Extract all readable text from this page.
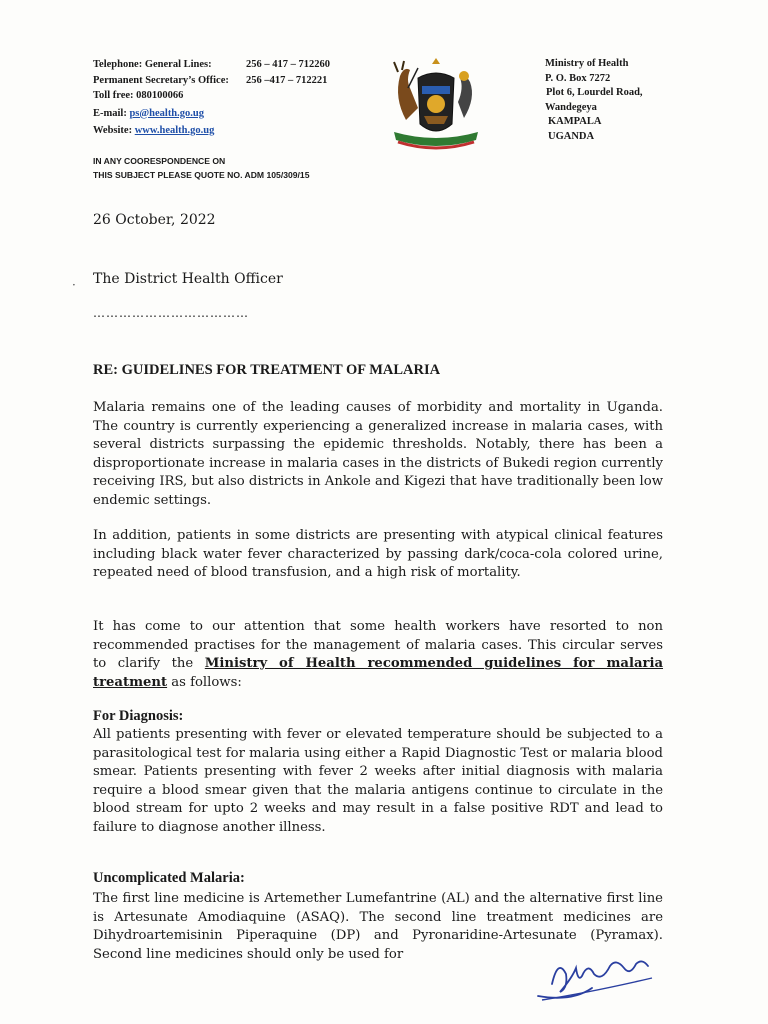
Telephone: General Lines:	256 – 417 – 712260
Permanent Secretary’s Office: 256 –417 – 712221
Toll free: 080100066
E-mail: ps@health.go.ug
Website: www.health.go.ug
Ministry of Health
P. O. Box 7272
Plot 6, Lourdel Road,
Wandegeya
KAMPALA
UGANDA
IN ANY COORESPONDENCE ON
THIS SUBJECT PLEASE QUOTE NO. ADM 105/309/15
26 October, 2022
· The District Health Officer
………………………………
RE: GUIDELINES FOR TREATMENT OF MALARIA
Malaria remains one of the leading causes of morbidity and mortality in Uganda. The country is currently experiencing a generalized increase in malaria cases, with several districts surpassing the epidemic thresholds. Notably, there has been a disproportionate increase in malaria cases in the districts of Bukedi region currently receiving IRS, but also districts in Ankole and Kigezi that have traditionally been low endemic settings.
In addition, patients in some districts are presenting with atypical clinical features including black water fever characterized by passing dark/coca-cola colored urine, repeated need of blood transfusion, and a high risk of mortality.
It has come to our attention that some health workers have resorted to non recommended practises for the management of malaria cases. This circular serves to clarify the Ministry of Health recommended guidelines for malaria treatment as follows:
For Diagnosis:
All patients presenting with fever or elevated temperature should be subjected to a parasitological test for malaria using either a Rapid Diagnostic Test or malaria blood smear. Patients presenting with fever 2 weeks after initial diagnosis with malaria require a blood smear given that the malaria antigens continue to circulate in the blood stream for upto 2 weeks and may result in a false positive RDT and lead to failure to diagnose another illness.
Uncomplicated Malaria:
The first line medicine is Artemether Lumefantrine (AL) and the alternative first line is Artesunate Amodiaquine (ASAQ). The second line treatment medicines are Dihydroartemisinin Piperaquine (DP) and Pyronaridine-Artesunate (Pyramax). Second line medicines should only be used for
